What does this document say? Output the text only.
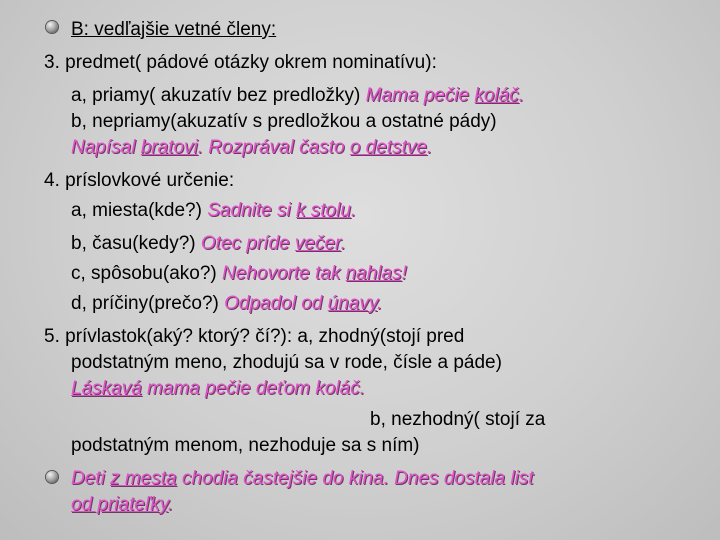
B: vedľajšie vetné členy:
3. predmet( pádové otázky okrem nominatívu):
a, priamy( akuzatív bez predložky) Mama pečie koláč.
b, nepriamy(akuzatív s predložkou a ostatné pády)
Napísal bratovi. Rozprával často o detstve.
4. príslovkové určenie:
a, miesta(kde?) Sadnite si k stolu.
b, času(kedy?) Otec príde večer.
c, spôsobu(ako?) Nehovorte tak nahlas!
d, príčiny(prečo?) Odpadol od únavy.
5. prívlastok(aký? ktorý? čí?): a, zhodný(stojí pred
podstatným meno, zhodujú sa v rode, čísle a páde)
Láskavá mama pečie deťom koláč.
b, nezhodný( stojí za
podstatným menom, nezhoduje sa s ním)
Deti z mesta chodia častejšie do kina. Dnes dostala list
od priateľky.
